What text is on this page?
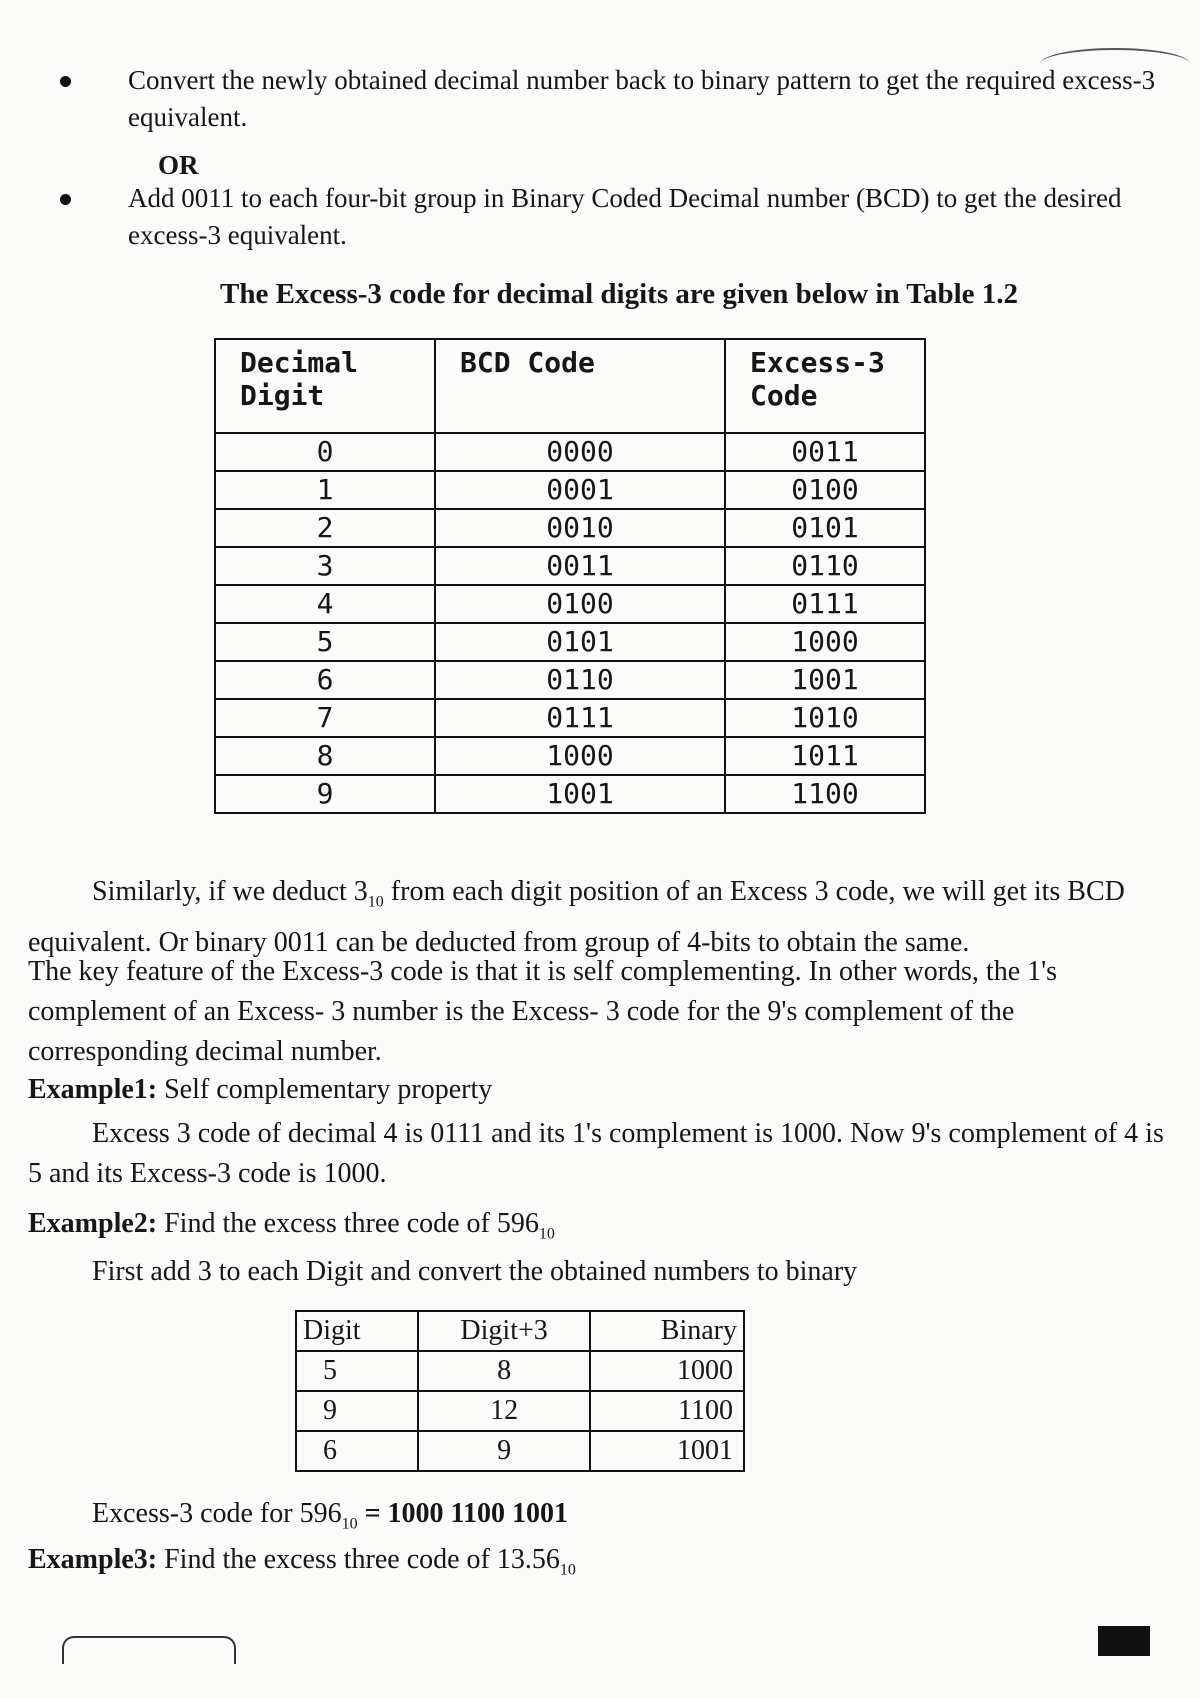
Convert the newly obtained decimal number back to binary pattern to get the required excess-3 equivalent.
OR
Add 0011 to each four-bit group in Binary Coded Decimal number (BCD) to get the desired excess-3 equivalent.
The Excess-3 code for decimal digits are given below in Table 1.2
Decimal Digit	BCD Code	Excess-3 Code
0	0000	0011
1	0001	0100
2	0010	0101
3	0011	0110
4	0100	0111
5	0101	1000
6	0110	1001
7	0111	1010
8	1000	1011
9	1001	1100
Similarly, if we deduct $3_{10}$ from each digit position of an Excess 3 code, we will get its BCD equivalent. Or binary 0011 can be deducted from group of 4-bits to obtain the same.
The key feature of the Excess-3 code is that it is self complementing. In other words, the 1's complement of an Excess- 3 number is the Excess- 3 code for the 9's complement of the corresponding decimal number.
Example1: Self complementary property
Excess 3 code of decimal 4 is 0111 and its 1's complement is 1000. Now 9's complement of 4 is 5 and its Excess-3 code is 1000.
Example2: Find the excess three code of $596_{10}$
First add 3 to each Digit and convert the obtained numbers to binary
Digit	Digit+3	Binary
5	8	1000
9	12	1100
6	9	1001
Excess-3 code for $596_{10} = 1000$ 1100 1001
Example3: Find the excess three code of $13.56_{10}$
